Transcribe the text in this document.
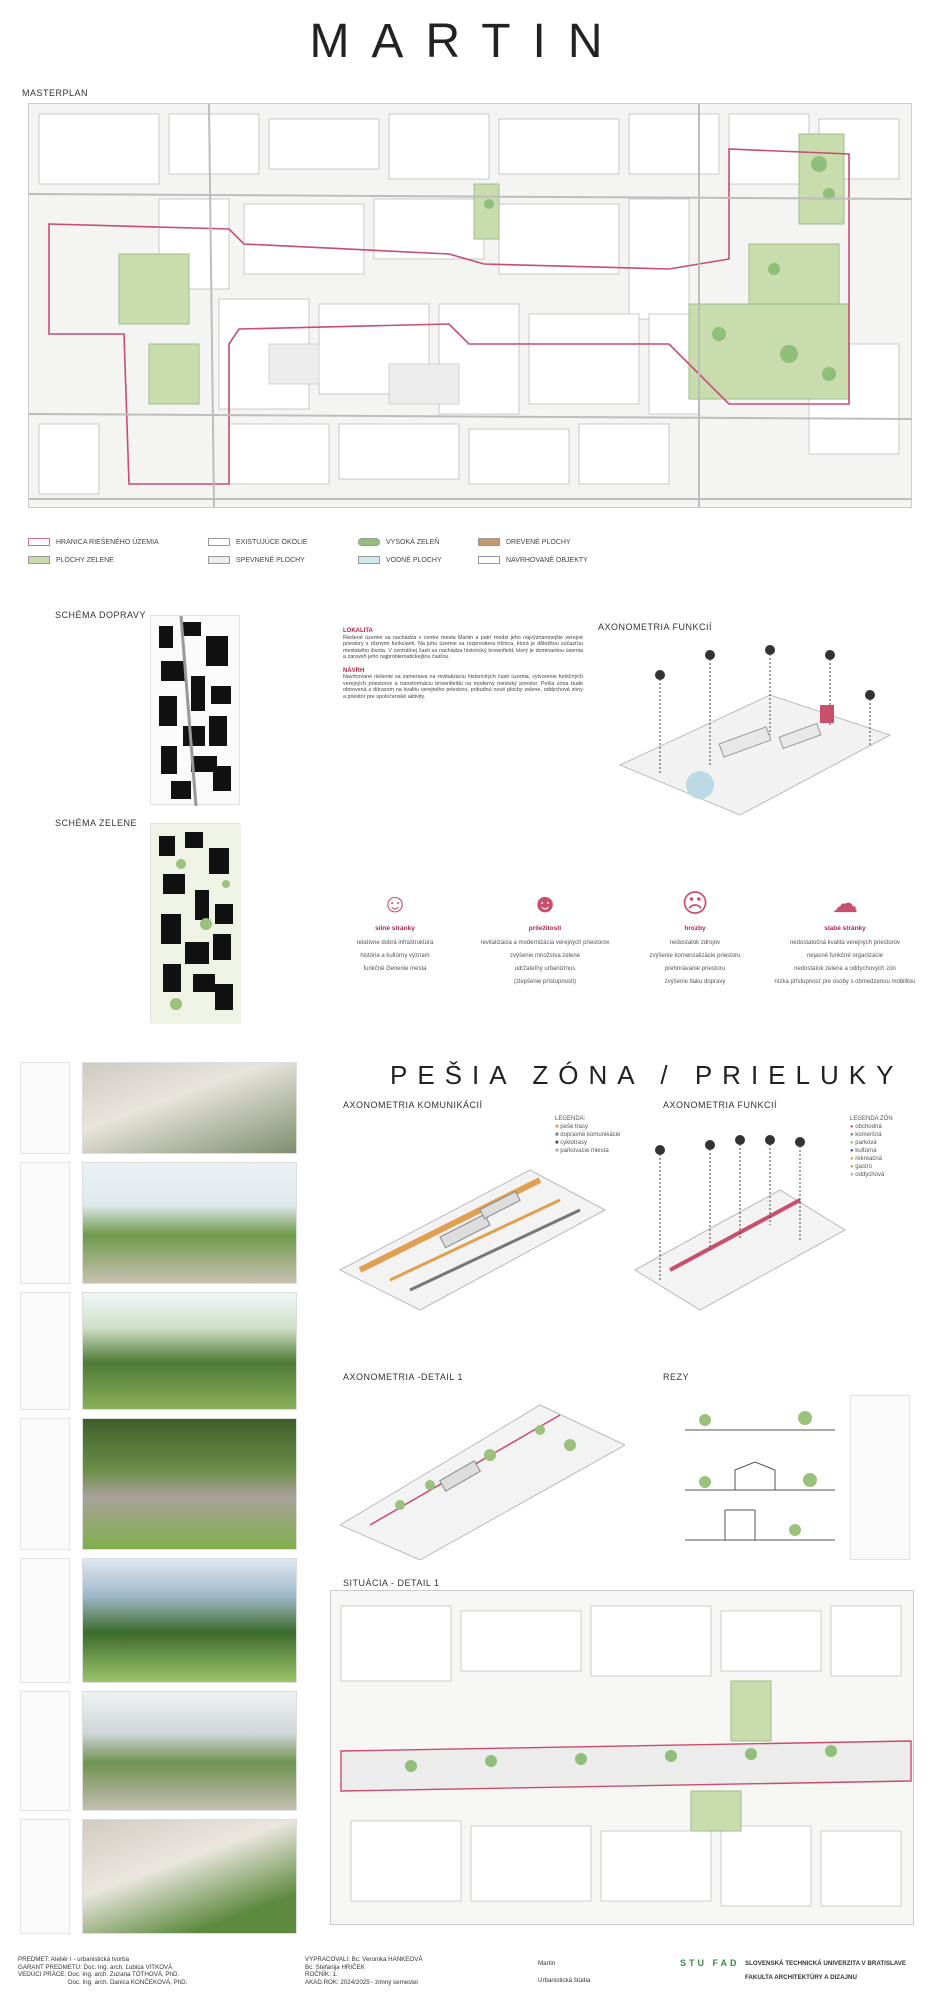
MARTIN
MASTERPLAN
HRANICA RIEŠENÉHO ÚZEMIA	EXISTUJÚCE OKOLIE	VYSOKÁ ZELEŇ	DREVENÉ PLOCHY
PLOCHY ZELENE	SPEVNENÉ PLOCHY	VODNÉ PLOCHY	NAVRHOVANÉ OBJEKTY
SCHÉMA DOPRAVY
SCHÉMA ZELENE
LOKALITA
Riešené územie sa nachádza v centre mesta Martin a patrí medzi jeho najvýznamnejšie verejné priestory s rôznymi funkciami. Na juhu územie sa rozprestiera tržnica, ktorá je dôležitou súčasťou mestského života. V centrálnej časti sa nachádza historický brownfield, ktorý je dominantou územia a zároveň jeho najproblematickejšou časťou.

NÁVRH
Navrhované riešenie sa zameriava na revitalizáciu historických častí územia, vytvorenie funkčných verejných priestorov a transformáciu brownfieldu na moderný mestský priestor. Pešia zóna bude obnovená s dôrazom na kvalitu verejného priestoru, pribudnú nové plochy zelene, oddychové zóny a priestor pre spoločenské aktivity.
AXONOMETRIA FUNKCIÍ
☺
silné stránky
relatívne dobrá infraštruktúra
história a kultúrny význam
funkčné členenie mesta
☻
príležitosti
revitalizácia a modernizácia verejných priestorov
zvýšenie množstva zelene
udržateľný urbanizmus
(zlepšenie prístupnosti)
☹
hrozby
nedostatok zdrojov
zvýšenie komercializácie priestoru
prehnrávanie priestoru
zvýšenie tlaku dopravy
☁
slabé stránky
nedostatočná kvalita verejných priestorov
nejasné funkčné organizácie
nedostatok zelene a oddychových zón
nízka prístupnosť pre osoby s obmedzenou mobilitou
PEŠIA ZÓNA / PRIELUKY
AXONOMETRIA KOMUNIKÁCIÍ
LEGENDA:
■ peše trasy
■ dopravné komunikácie
■ cyklotrasy
■ parkovacie miesta
AXONOMETRIA FUNKCIÍ
LEGENDA ZÓN
● obchodná
● komerčná
● parková
● kultúrna
● rekreačná
● gastro
● oddychová
AXONOMETRIA -DETAIL 1	REZY
SITUÁCIA - DETAIL 1
PREDMET: Ateliér I - urbanistická tvorba
GARANT PREDMETU: Doc. Ing. arch. Ľubica VITKOVÁ
VEDÚCI PRÁCE: Doc. Ing. arch. Zuzana TÓTHOVÁ, PhD.
Doc. Ing. arch. Danica KONČEKOVÁ, PhD.
VYPRACOVALI: Bc. Veronika HANKEOVÁ
Bc. Stefanija HRIČEK
ROČNÍK: 1.
AKAD.ROK: 2024/2025 - zimný semester
Martin
Urbanistická štúdia
STU FAD SLOVENSKÁ TECHNICKÁ UNIVERZITA V BRATISLAVE
FAKULTA ARCHITEKTÚRY A DIZAJNU
